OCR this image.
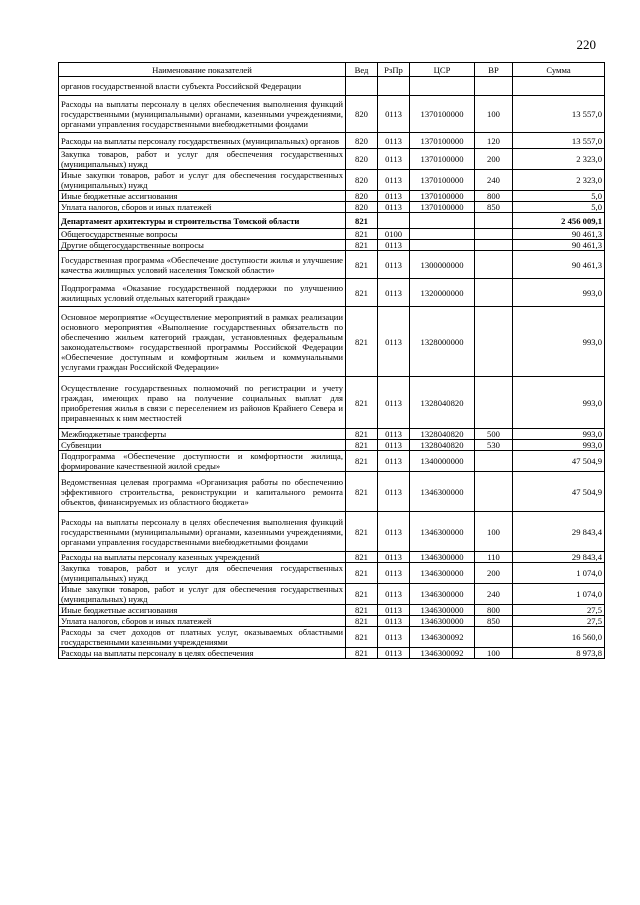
220
Наименование показателей	Вед	РзПр	ЦСР	ВР	Сумма
органов государственной власти субъекта Российской Федерации					
Расходы на выплаты персоналу в целях обеспечения выполнения функций государственными (муниципальными) органами, казенными учреждениями, органами управления государственными внебюджетными фондами	820	0113	1370100000	100	13 557,0
Расходы на выплаты персоналу государственных (муниципальных) органов	820	0113	1370100000	120	13 557,0
Закупка товаров, работ и услуг для обеспечения государственных (муниципальных) нужд	820	0113	1370100000	200	2 323,0
Иные закупки товаров, работ и услуг для обеспечения государственных (муниципальных) нужд	820	0113	1370100000	240	2 323,0
Иные бюджетные ассигнования	820	0113	1370100000	800	5,0
Уплата налогов, сборов и иных платежей	820	0113	1370100000	850	5,0
Департамент архитектуры и строительства Томской области	821				2 456 009,1
Общегосударственные вопросы	821	0100			90 461,3
Другие общегосударственные вопросы	821	0113			90 461,3
Государственная программа «Обеспечение доступности жилья и улучшение качества жилищных условий населения Томской области»	821	0113	1300000000		90 461,3
Подпрограмма «Оказание государственной поддержки по улучшению жилищных условий отдельных категорий граждан»	821	0113	1320000000		993,0
Основное мероприятие «Осуществление мероприятий в рамках реализации основного мероприятия «Выполнение государственных обязательств по обеспечению жильем категорий граждан, установленных федеральным законодательством» государственной программы Российской Федерации «Обеспечение доступным и комфортным жильем и коммунальными услугами граждан Российской Федерации»	821	0113	1328000000		993,0
Осуществление государственных полномочий по регистрации и учету граждан, имеющих право на получение социальных выплат для приобретения жилья в связи с переселением из районов Крайнего Севера и приравненных к ним местностей	821	0113	1328040820		993,0
Межбюджетные трансферты	821	0113	1328040820	500	993,0
Субвенции	821	0113	1328040820	530	993,0
Подпрограмма «Обеспечение доступности и комфортности жилища, формирование качественной жилой среды»	821	0113	1340000000		47 504,9
Ведомственная целевая программа «Организация работы по обеспечению эффективного строительства, реконструкции и капитального ремонта объектов, финансируемых из областного бюджета»	821	0113	1346300000		47 504,9
Расходы на выплаты персоналу в целях обеспечения выполнения функций государственными (муниципальными) органами, казенными учреждениями, органами управления государственными внебюджетными фондами	821	0113	1346300000	100	29 843,4
Расходы на выплаты персоналу казенных учреждений	821	0113	1346300000	110	29 843,4
Закупка товаров, работ и услуг для обеспечения государственных (муниципальных) нужд	821	0113	1346300000	200	1 074,0
Иные закупки товаров, работ и услуг для обеспечения государственных (муниципальных) нужд	821	0113	1346300000	240	1 074,0
Иные бюджетные ассигнования	821	0113	1346300000	800	27,5
Уплата налогов, сборов и иных платежей	821	0113	1346300000	850	27,5
Расходы за счет доходов от платных услуг, оказываемых областными государственными казенными учреждениями	821	0113	1346300092		16 560,0
Расходы на выплаты персоналу в целях обеспечения	821	0113	1346300092	100	8 973,8
